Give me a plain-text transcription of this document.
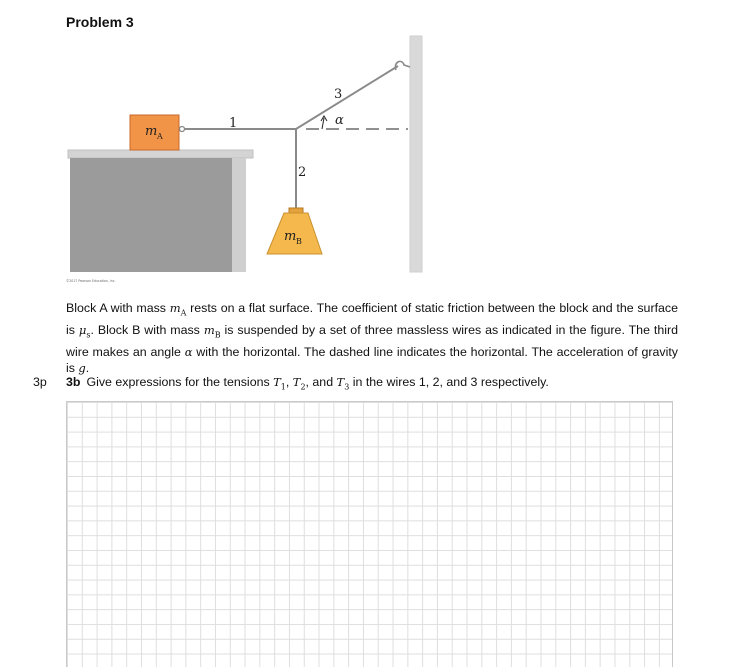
Problem 3
m A
1
2
3
α
m B
©2017 Pearson Education, Inc.
Block A with mass $m_A$ rests on a flat surface. The coefficient of static friction between the block and the surface is $\mu_s$. Block B with mass $m_B$ is suspended by a set of three massless wires as indicated in the figure. The third wire makes an angle α with the horizontal. The dashed line indicates the horizontal. The acceleration of gravity is g.
3p 3b Give expressions for the tensions $T_1$, $T_2$, and $T_3$ in the wires 1, 2, and 3 respectively.
